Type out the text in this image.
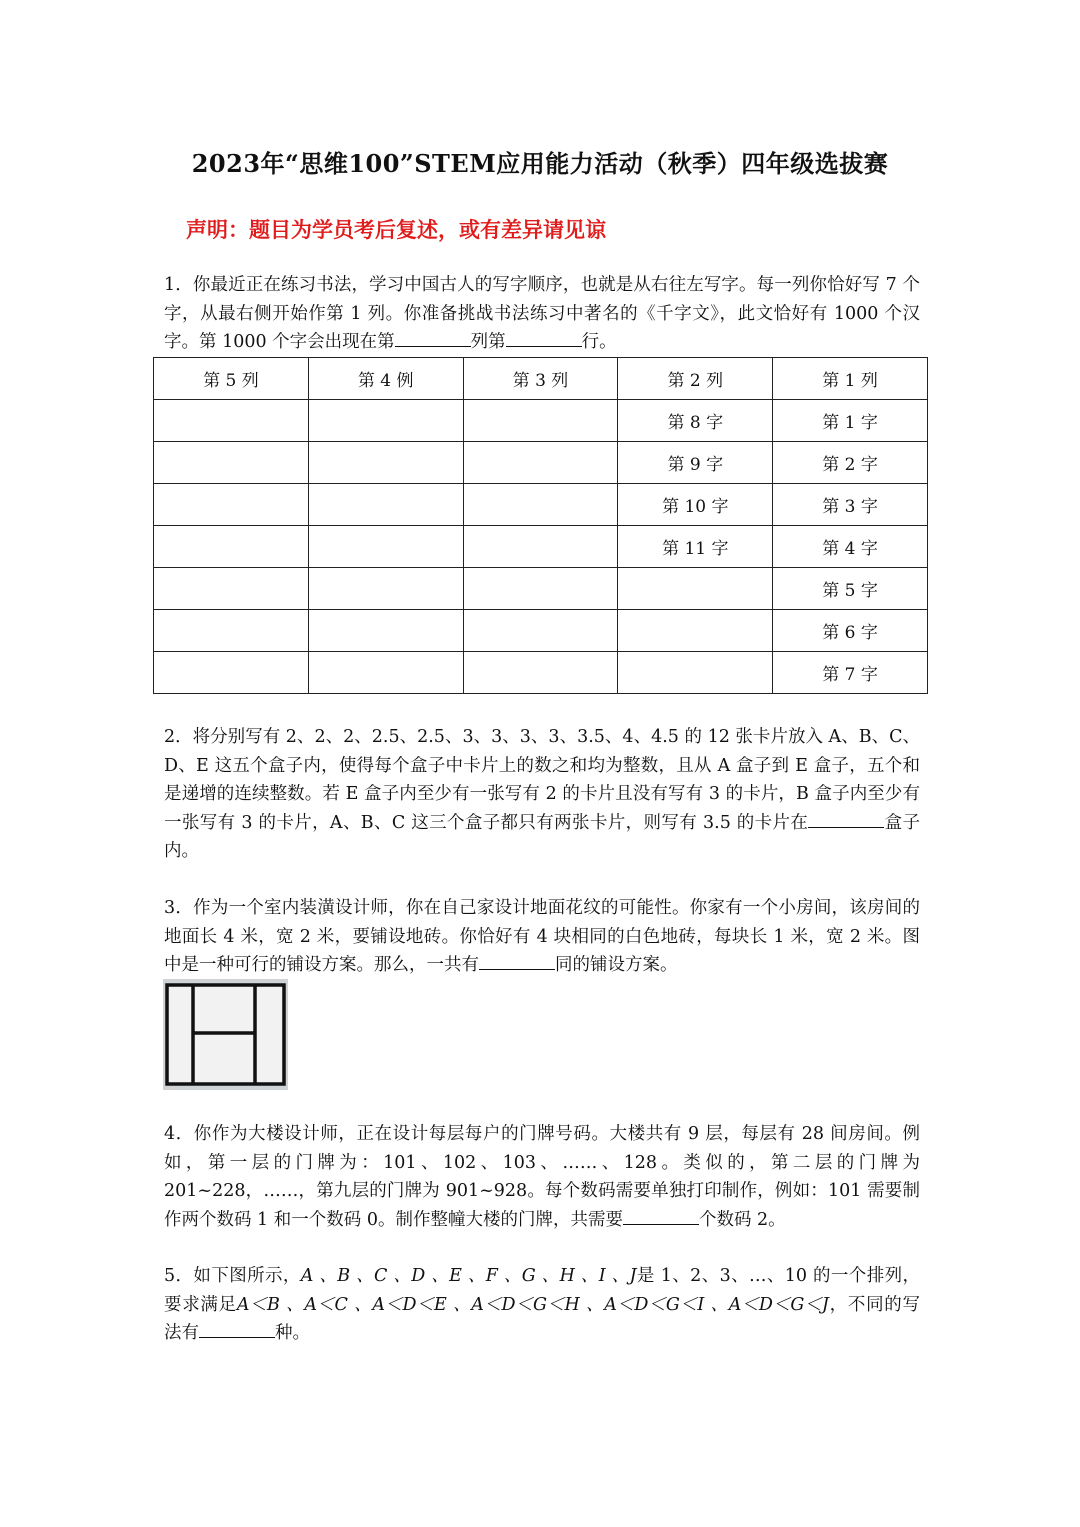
2023年“思维100”STEM应用能力活动（秋季）四年级选拔赛
声明：题目为学员考后复述，或有差异请见谅
1．你最近正在练习书法，学习中国古人的写字顺序，也就是从右往左写字。每一列你恰好写 7 个字，从最右侧开始作第 1 列。你准备挑战书法练习中著名的《千字文》，此文恰好有 1000 个汉字。第 1000 个字会出现在第	列第	行。
第 5 列	第 4 例	第 3 列	第 2 列	第 1 列
			第 8 字	第 1 字
			第 9 字	第 2 字
			第 10 字	第 3 字
			第 11 字	第 4 字
				第 5 字
				第 6 字
				第 7 字
2．将分别写有 2、2、2、2.5、2.5、3、3、3、3、3.5、4、4.5 的 12 张卡片放入 A、B、C、D、E 这五个盒子内，使得每个盒子中卡片上的数之和均为整数，且从 A 盒子到 E 盒子，五个和是递增的连续整数。若 E 盒子内至少有一张写有 2 的卡片且没有写有 3 的卡片，B 盒子内至少有一张写有 3 的卡片，A、B、C 这三个盒子都只有两张卡片，则写有 3.5 的卡片在	盒子内。
3．作为一个室内装潢设计师，你在自己家设计地面花纹的可能性。你家有一个小房间，该房间的地面长 4 米，宽 2 米，要铺设地砖。你恰好有 4 块相同的白色地砖，每块长 1 米，宽 2 米。图中是一种可行的铺设方案。那么，一共有	同的铺设方案。
4．你作为大楼设计师，正在设计每层每户的门牌号码。大楼共有 9 层，每层有 28 间房间。例如，第一层的门牌为：101、102、103、……、128。类似的，第二层的门牌为 201~228，……，第九层的门牌为 901~928。每个数码需要单独打印制作，例如：101 需要制作两个数码 1 和一个数码 0。制作整幢大楼的门牌，共需要	个数码 2。
5．如下图所示，A 、B 、C 、D 、E 、F 、G 、H 、I 、J是 1、2、3、…、10 的一个排列，要求满足A＜B 、A＜C 、A＜D＜E 、A＜D＜G＜H 、A＜D＜G＜I 、A＜D＜G＜J，不同的写法有	种。
